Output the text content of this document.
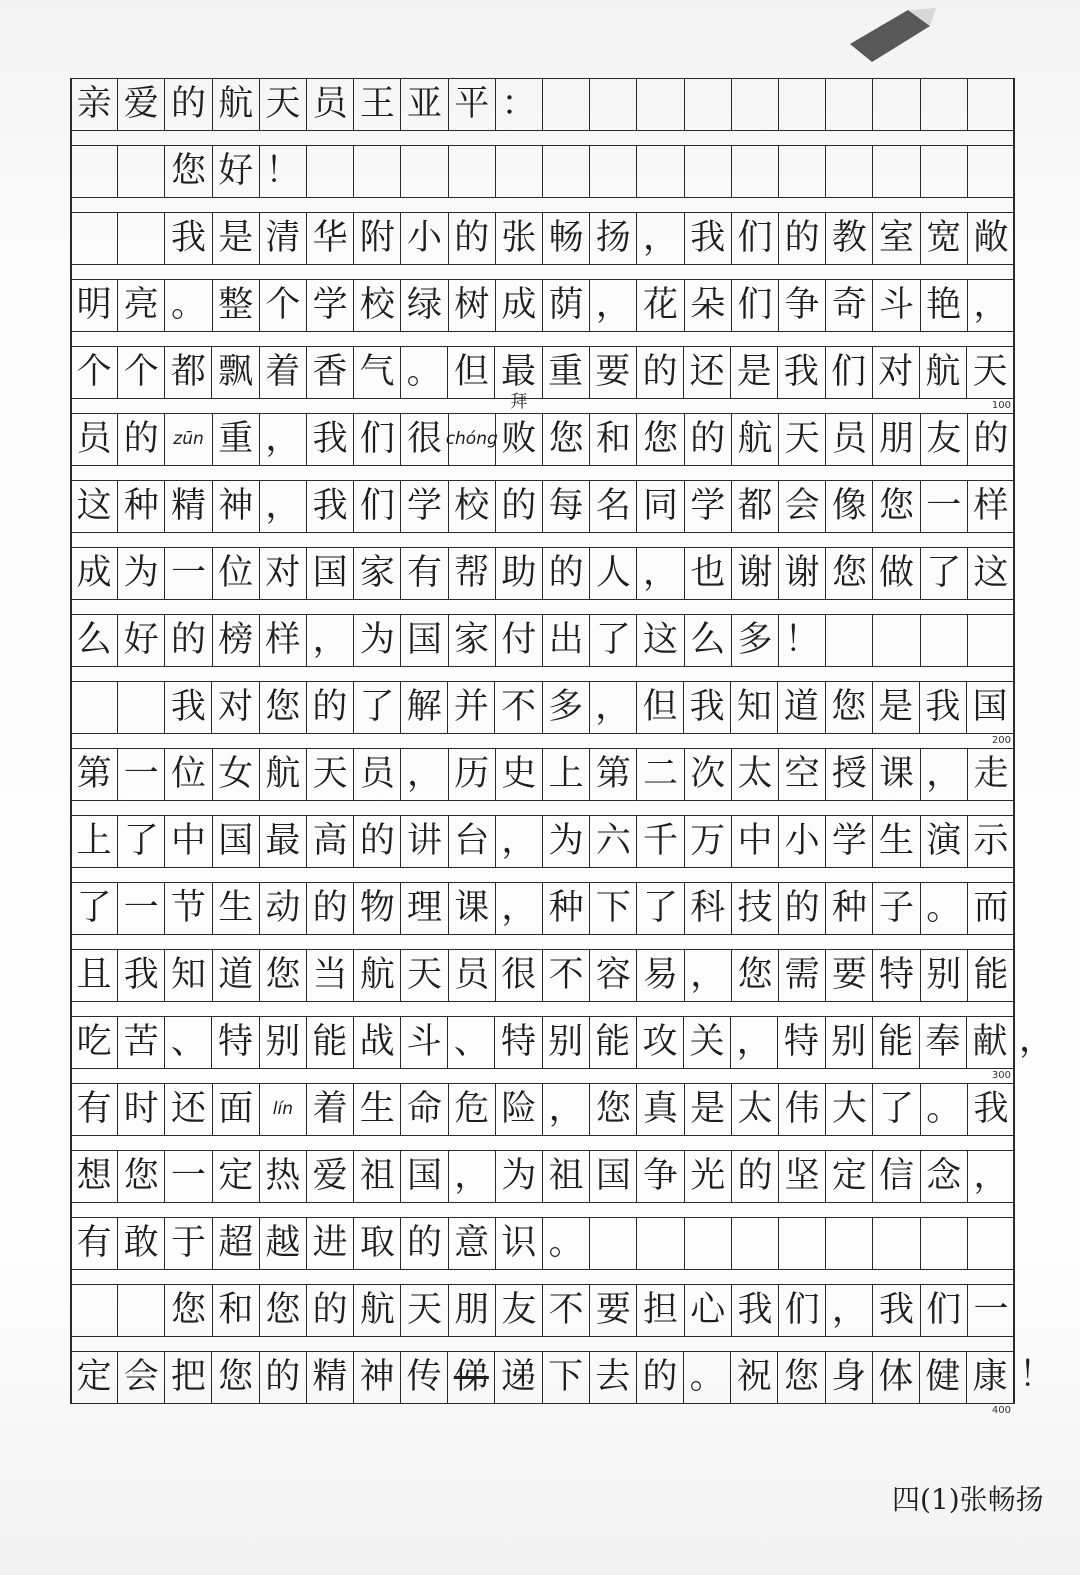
亲 爱 的 航 天 员 王 亚 平 ：
您 好 ！
我 是 清 华 附 小 的 张 畅 扬 ， 我 们 的 教 室 宽 敞
明 亮 。 整 个 学 校 绿 树 成 荫 ， 花 朵 们 争 奇 斗 艳 ，
个 个 都 飘 着 香 气 。 但 最 重 要 的 还 是 我 们 对 航 天
100
员 的 zūn 重 ， 我 们 很 chóng
拜
败 您 和 您 的 航 天 员 朋 友 的
这 种 精 神 ， 我 们 学 校 的 每 名 同 学 都 会 像 您 一 样
成 为 一 位 对 国 家 有 帮 助 的 人 ， 也 谢 谢 您 做 了 这
么 好 的 榜 样 ， 为 国 家 付 出 了 这 么 多 ！
我 对 您 的 了 解 并 不 多 ， 但 我 知 道 您 是 我 国
200
第 一 位 女 航 天 员 ， 历 史 上 第 二 次 太 空 授 课 ， 走
上 了 中 国 最 高 的 讲 台 ， 为 六 千 万 中 小 学 生 演 示
了 一 节 生 动 的 物 理 课 ， 种 下 了 科 技 的 种 子 。 而
且 我 知 道 您 当 航 天 员 很 不 容 易 ， 您 需 要 特 别 能
吃 苦 、 特 别 能 战 斗 、 特 别 能 攻 关 ， 特 别 能 奉 献 ，
300
有 时 还 面 lín 着 生 命 危 险 ， 您 真 是 太 伟 大 了 。 我
想 您 一 定 热 爱 祖 国 ， 为 祖 国 争 光 的 坚 定 信 念 ，
有 敢 于 超 越 进 取 的 意 识 。
您 和 您 的 航 天 朋 友 不 要 担 心 我 们 ， 我 们 一
定 会 把 您 的 精 神 传 俤 递 下 去 的 。 祝 您 身 体 健 康 ！
400
四(1)张畅扬
